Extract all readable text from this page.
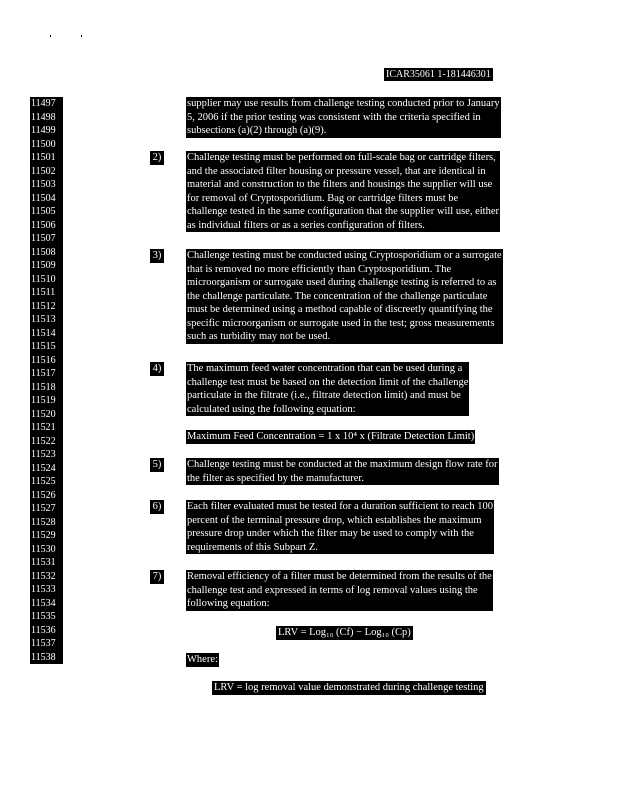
ICAR35061 1-181446301
11497
11498
11499
11500
11501
11502
11503
11504
11505
11506
11507
11508
11509
11510
11511
11512
11513
11514
11515
11516
11517
11518
11519
11520
11521
11522
11523
11524
11525
11526
11527
11528
11529
11530
11531
11532
11533
11534
11535
11536
11537
11538
supplier may use results from challenge testing conducted prior to January
5, 2006 if the prior testing was consistent with the criteria specified in
subsections (a)(2) through (a)(9).
2) Challenge testing must be performed on full-scale bag or cartridge filters,
and the associated filter housing or pressure vessel, that are identical in
material and construction to the filters and housings the supplier will use
for removal of Cryptosporidium. Bag or cartridge filters must be
challenge tested in the same configuration that the supplier will use, either
as individual filters or as a series configuration of filters.
3) Challenge testing must be conducted using Cryptosporidium or a surrogate
that is removed no more efficiently than Cryptosporidium. The
microorganism or surrogate used during challenge testing is referred to as
the challenge particulate. The concentration of the challenge particulate
must be determined using a method capable of discreetly quantifying the
specific microorganism or surrogate used in the test; gross measurements
such as turbidity may not be used.
4) The maximum feed water concentration that can be used during a
challenge test must be based on the detection limit of the challenge
particulate in the filtrate (i.e., filtrate detection limit) and must be
calculated using the following equation:
Maximum Feed Concentration = 1 x 10⁴ x (Filtrate Detection Limit)
5) Challenge testing must be conducted at the maximum design flow rate for
the filter as specified by the manufacturer.
6) Each filter evaluated must be tested for a duration sufficient to reach 100
percent of the terminal pressure drop, which establishes the maximum
pressure drop under which the filter may be used to comply with the
requirements of this Subpart Z.
7) Removal efficiency of a filter must be determined from the results of the
challenge test and expressed in terms of log removal values using the
following equation:
LRV = Log₁₀ (Cf) − Log₁₀ (Cp)
Where:
LRV = log removal value demonstrated during challenge testing
